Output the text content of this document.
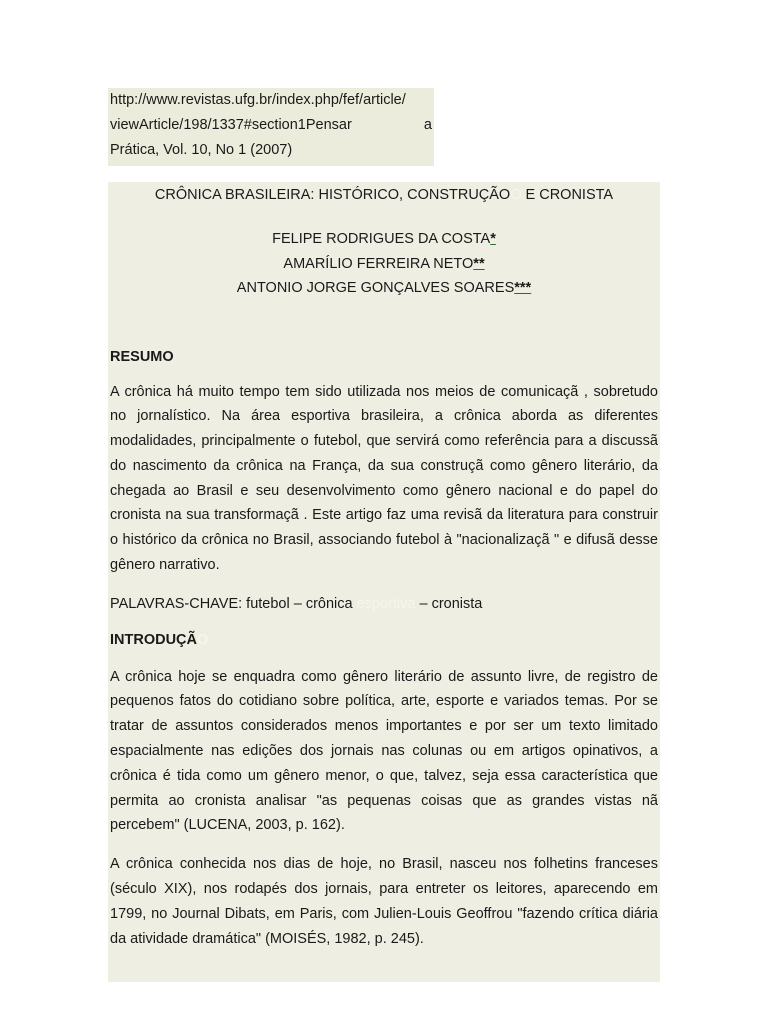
http://www.revistas.ufg.br/index.php/fef/article/
viewArticle/198/1337#section1Pensar	a
Prática, Vol. 10, No 1 (2007)
CRÔNICA BRASILEIRA: HISTÓRICO, CONSTRUÇÃOO E CRONISTA
FELIPE RODRIGUES DA COSTA*
AMARÍLIO FERREIRA NETO**
ANTONIO JORGE GONÇALVES SOARES***

RESUMO

A crônica há muito tempo tem sido utilizada nos meios de comunicaçã , sobretudo no jornalístico. Na área esportiva brasileira, a crônica aborda as diferentes modalidades, principalmente o futebol, que servirá como referência para a discussã do nascimento da crônica na França, da sua construçã como gênero literário, da chegada ao Brasil e seu desenvolvimento como gênero nacional e do papel do cronista na sua transformaçã . Este artigo faz uma revisã da literatura para construir o histórico da crônica no Brasil, associando futebol à "nacionalizaçã " e difusã desse gênero narrativo.

PALAVRAS-CHAVE: futebol – crônica esportiva – cronista

INTRODUÇÃO

A crônica hoje se enquadra como gênero literário de assunto livre, de registro de pequenos fatos do cotidiano sobre política, arte, esporte e variados temas. Por se tratar de assuntos considerados menos importantes e por ser um texto limitado espacialmente nas edições dos jornais nas colunas ou em artigos opinativos, a crônica é tida como um gênero menor, o que, talvez, seja essa característica que permita ao cronista analisar "as pequenas coisas que as grandes vistas nã percebem" (LUCENA, 2003, p. 162).

A crônica conhecida nos dias de hoje, no Brasil, nasceu nos folhetins franceses (século XIX), nos rodapés dos jornais, para entreter os leitores, aparecendo em 1799, no Journal Dibats, em Paris, com Julien-Louis Geoffrou "fazendo crítica diária da atividade dramática" (MOISÉS, 1982, p. 245).
